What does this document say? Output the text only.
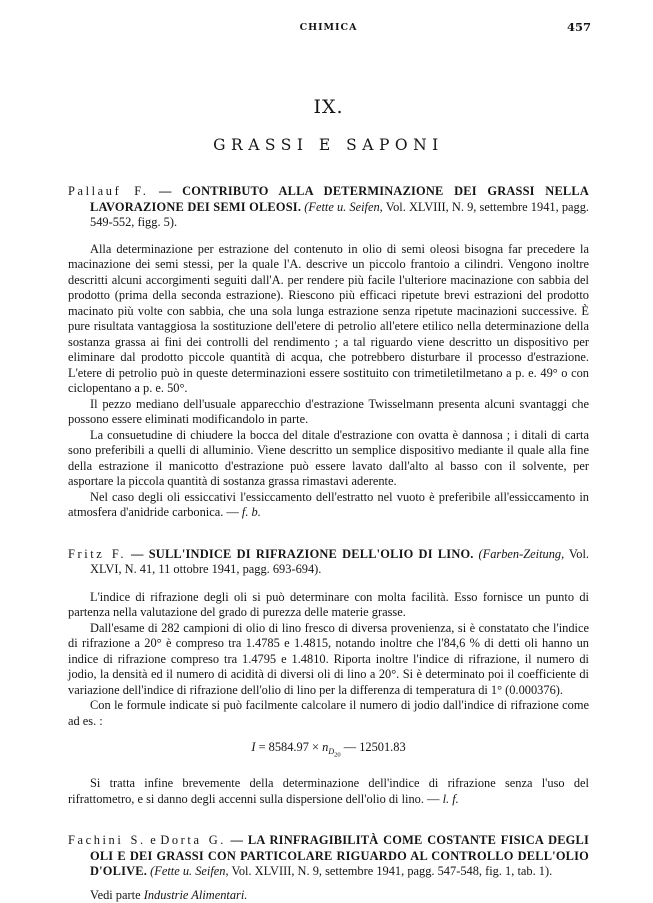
CHIMICA	457
IX.
GRASSI E SAPONI

Pallauf F. — CONTRIBUTO ALLA DETERMINAZIONE DEI GRASSI NELLA LAVORAZIONE DEI SEMI OLEOSI. (Fette u. Seifen, Vol. XLVIII, N. 9, settembre 1941, pagg. 549-552, figg. 5).

Alla determinazione per estrazione del contenuto in olio di semi oleosi bisogna far precedere la macinazione dei semi stessi, per la quale l'A. descrive un piccolo frantoio a cilindri. Vengono inoltre descritti alcuni accorgimenti seguiti dall'A. per rendere più facile l'ulteriore macinazione con sabbia del prodotto (prima della seconda estrazione). Riescono più efficaci ripetute brevi estrazioni del prodotto macinato più volte con sabbia, che una sola lunga estrazione senza ripetute macinazioni successive. È pure risultata vantaggiosa la sostituzione dell'etere di petrolio all'etere etilico nella determinazione della sostanza grassa ai fini dei controlli del rendimento ; a tal riguardo viene descritto un dispositivo per eliminare dal prodotto piccole quantità di acqua, che potrebbero disturbare il processo d'estrazione. L'etere di petrolio può in queste determinazioni essere sostituito con trimetiletilmetano a p. e. 49° o con ciclopentano a p. e. 50°.

Il pezzo mediano dell'usuale apparecchio d'estrazione Twisselmann presenta alcuni svantaggi che possono essere eliminati modificandolo in parte.

La consuetudine di chiudere la bocca del ditale d'estrazione con ovatta è dannosa ; i ditali di carta sono preferibili a quelli di alluminio. Viene descritto un semplice dispositivo mediante il quale alla fine della estrazione il manicotto d'estrazione può essere lavato dall'alto al basso con il solvente, per asportare la piccola quantità di sostanza grassa rimastavi aderente.

Nel caso degli oli essiccativi l'essiccamento dell'estratto nel vuoto è preferibile all'essiccamento in atmosfera d'anidride carbonica. — f. b.

Fritz F. — SULL'INDICE DI RIFRAZIONE DELL'OLIO DI LINO. (Farben-Zeitung, Vol. XLVI, N. 41, 11 ottobre 1941, pagg. 693-694).

L'indice di rifrazione degli oli si può determinare con molta facilità. Esso fornisce un punto di partenza nella valutazione del grado di purezza delle materie grasse.

Dall'esame di 282 campioni di olio di lino fresco di diversa provenienza, si è constatato che l'indice di rifrazione a 20° è compreso tra 1.4785 e 1.4815, notando inoltre che l'84,6 % di detti oli hanno un indice di rifrazione compreso tra 1.4795 e 1.4810. Riporta inoltre l'indice di rifrazione, il numero di jodio, la densità ed il numero di acidità di diversi oli di lino a 20°. Si è determinato poi il coefficiente di variazione dell'indice di rifrazione dell'olio di lino per la differenza di temperatura di 1° (0.000376).

Con le formule indicate si può facilmente calcolare il numero di jodio dall'indice di rifrazione come ad es. :

$I = 8584.97 \times n_{D_{20}}$ — 12501.83

Si tratta infine brevemente della determinazione dell'indice di rifrazione senza l'uso del rifrattometro, e si danno degli accenni sulla dispersione dell'olio di lino. — l. f.

Fachini S. e Dorta G. — LA RINFRAGIBILITÀ COME COSTANTE FISICA DEGLI OLI E DEI GRASSI CON PARTICOLARE RIGUARDO AL CONTROLLO DELL'OLIO D'OLIVE. (Fette u. Seifen, Vol. XLVIII, N. 9, settembre 1941, pagg. 547-548, fig. 1, tab. 1).

Vedi parte Industrie Alimentari.
